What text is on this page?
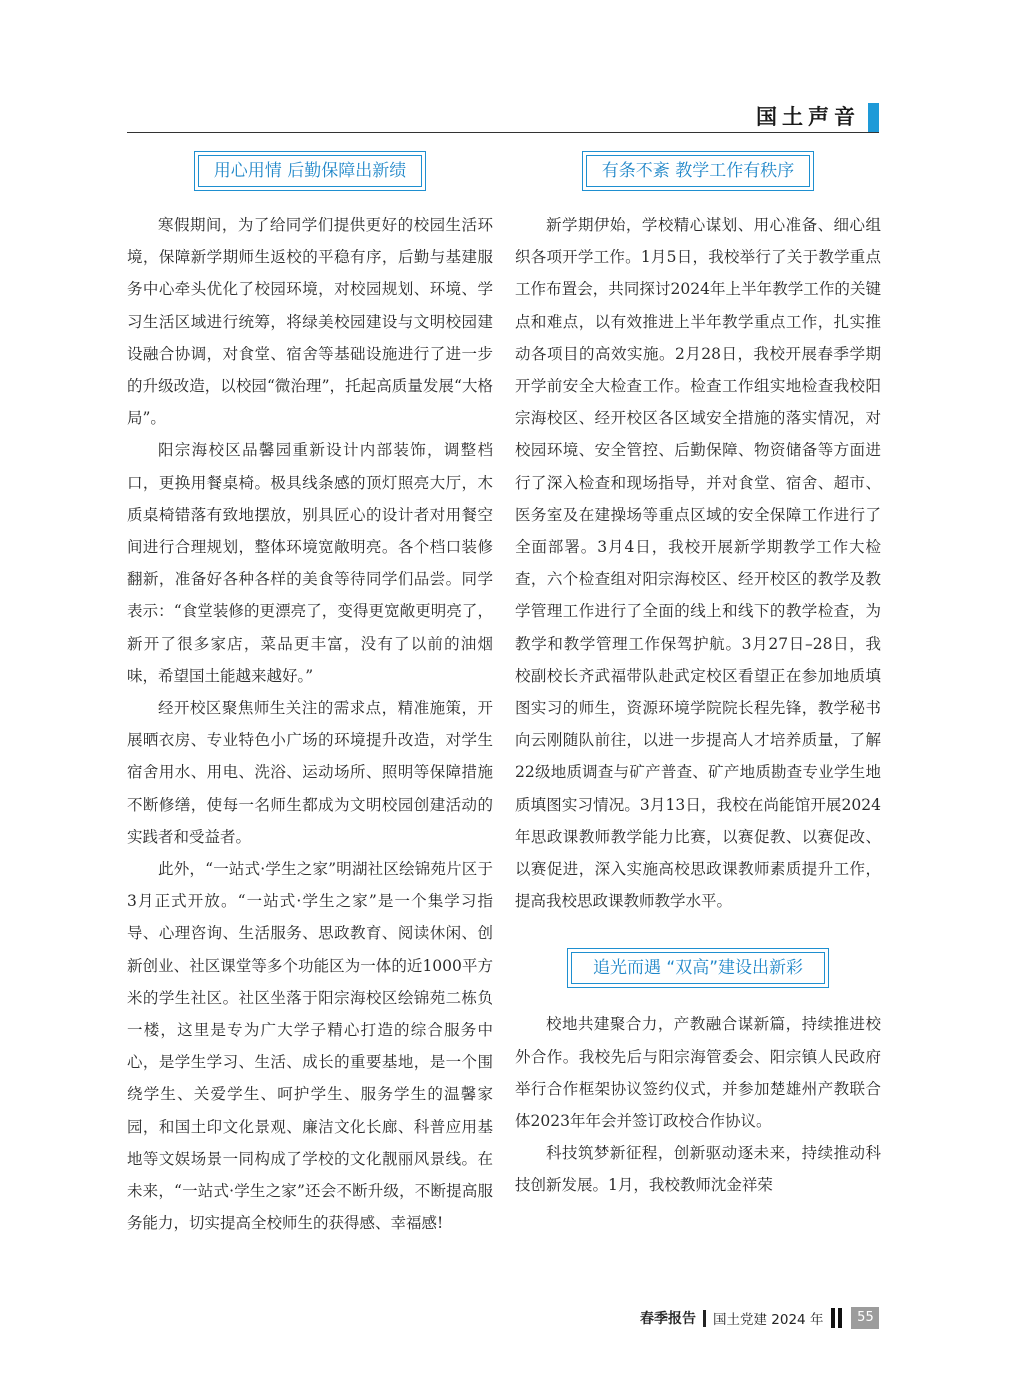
国土声音
用心用情 后勤保障出新绩

寒假期间，为了给同学们提供更好的校园生活环境，保障新学期师生返校的平稳有序，后勤与基建服务中心牵头优化了校园环境，对校园规划、环境、学习生活区域进行统筹，将绿美校园建设与文明校园建设融合协调，对食堂、宿舍等基础设施进行了进一步的升级改造，以校园“微治理”，托起高质量发展“大格局”。

阳宗海校区品馨园重新设计内部装饰，调整档口，更换用餐桌椅。极具线条感的顶灯照亮大厅，木质桌椅错落有致地摆放，别具匠心的设计者对用餐空间进行合理规划，整体环境宽敞明亮。各个档口装修翻新，准备好各种各样的美食等待同学们品尝。同学表示：“食堂装修的更漂亮了，变得更宽敞更明亮了，新开了很多家店，菜品更丰富，没有了以前的油烟味，希望国土能越来越好。”

经开校区聚焦师生关注的需求点，精准施策，开展晒衣房、专业特色小广场的环境提升改造，对学生宿舍用水、用电、洗浴、运动场所、照明等保障措施不断修缮，使每一名师生都成为文明校园创建活动的实践者和受益者。

此外，“一站式·学生之家”明湖社区绘锦苑片区于3月正式开放。“一站式·学生之家”是一个集学习指导、心理咨询、生活服务、思政教育、阅读休闲、创新创业、社区课堂等多个功能区为一体的近1000平方米的学生社区。社区坐落于阳宗海校区绘锦苑二栋负一楼，这里是专为广大学子精心打造的综合服务中心，是学生学习、生活、成长的重要基地，是一个围绕学生、关爱学生、呵护学生、服务学生的温馨家园，和国土印文化景观、廉洁文化长廊、科普应用基地等文娱场景一同构成了学校的文化靓丽风景线。在未来，“一站式·学生之家”还会不断升级，不断提高服务能力，切实提高全校师生的获得感、幸福感!

有条不紊 教学工作有秩序

新学期伊始，学校精心谋划、用心准备、细心组织各项开学工作。1月5日，我校举行了关于教学重点工作布置会，共同探讨2024年上半年教学工作的关键点和难点，以有效推进上半年教学重点工作，扎实推动各项目的高效实施。2月28日，我校开展春季学期开学前安全大检查工作。检查工作组实地检查我校阳宗海校区、经开校区各区域安全措施的落实情况，对校园环境、安全管控、后勤保障、物资储备等方面进行了深入检查和现场指导，并对食堂、宿舍、超市、医务室及在建操场等重点区域的安全保障工作进行了全面部署。3月4日，我校开展新学期教学工作大检查，六个检查组对阳宗海校区、经开校区的教学及教学管理工作进行了全面的线上和线下的教学检查，为教学和教学管理工作保驾护航。3月27日–28日，我校副校长齐武福带队赴武定校区看望正在参加地质填图实习的师生，资源环境学院院长程先锋，教学秘书向云刚随队前往，以进一步提高人才培养质量，了解22级地质调查与矿产普查、矿产地质勘查专业学生地质填图实习情况。3月13日，我校在尚能馆开展2024年思政课教师教学能力比赛，以赛促教、以赛促改、以赛促进，深入实施高校思政课教师素质提升工作，提高我校思政课教师教学水平。

追光而遇 “双高”建设出新彩

校地共建聚合力，产教融合谋新篇，持续推进校外合作。我校先后与阳宗海管委会、阳宗镇人民政府举行合作框架协议签约仪式，并参加楚雄州产教联合体2023年年会并签订政校合作协议。

科技筑梦新征程，创新驱动逐未来，持续推动科技创新发展。1月，我校教师沈金祥荣

春季报告 国土党建 2024 年	55
